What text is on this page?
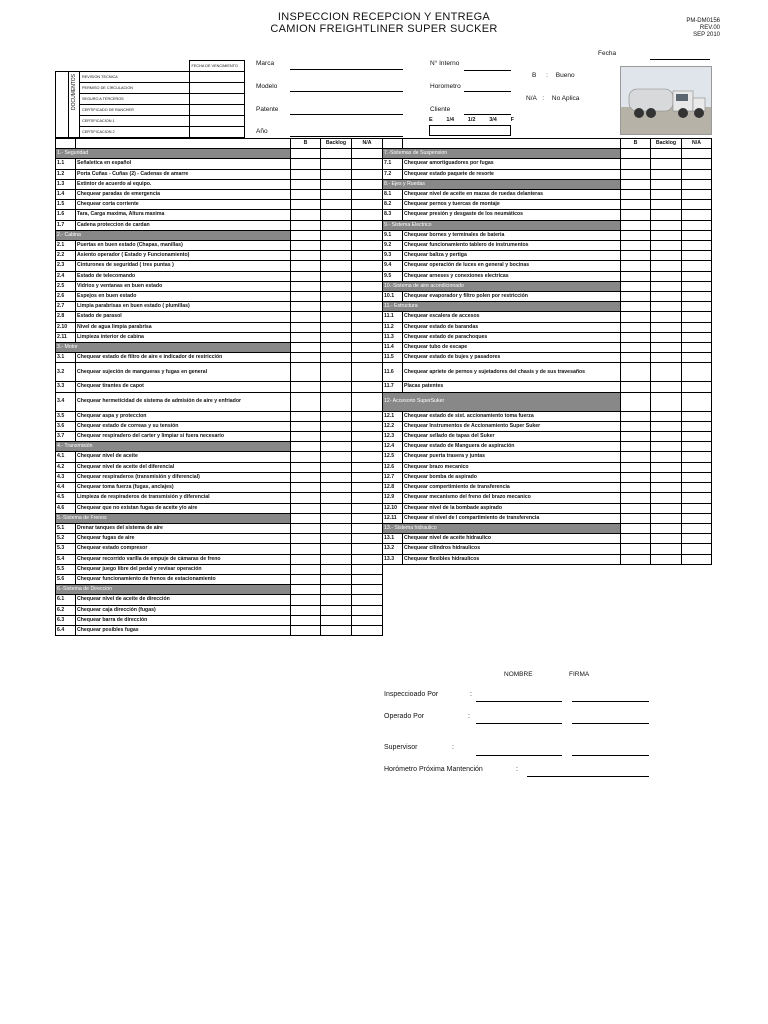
INSPECCION RECEPCION Y ENTREGA
CAMION FREIGHTLINER SUPER SUCKER
PM-DM0156
REV.00
SEP 2010
Fecha
			FECHA DE VENCIMIENTO

	DOCUMENTOS	REVISION TECNICA	
		PERMISO DE CIRCULACION	
		SEGURO A TERCEROS	
		CERTIFICADO DE RANCHER	
		CERTIFICACION 1	
		CERTIFICACION 2	
Marca
Modelo
Patente
Año
N° Interno
Horometro
Cliente
E 1/4 1/2 3/4 F
B : Bueno
N/A : No Aplica
		B	Backlog	N/A
1.- Seguridad				
1.1	Señaletica en español			
1.2	Porta Cuñas - Cuñas (2) - Cadenas de amarre			
1.3	Extintor de acuerdo al equipo.			
1.4	Chequear paradas de emergencia			
1.5	Chequear corta corriente			
1.6	Tara, Carga maxima, Altura maxima			
1.7	Cadena proteccion de cardan			
2.- Cabina				
2.1	Puertas en buen estado (Chapas, manillas)			
2.2	Asiento operador ( Estado y Funcionamiento)			
2.3	Cinturones de seguridad ( tres puntas )			
2.4	Estado de telecomando			
2.5	Vidrios y ventanas en buen estado			
2.6	Espejos en buen estado			
2.7	Limpia parabrisas en buen estado ( plumillas)			
2.8	Estado de parasol			
2.10	Nivel de agua limpia parabrisa			
2.11	Limpieza interior de cabina			
3.- Motor				
3.1	Chequear estado de filtro de aire e indicador de restricción			
3.2	Chequear sujeción de mangueras y fugas en general			
3.3	Chequear tirantes de capot			
3.4	Chequear hermeticidad de sistema de admisión de aire y enfriador			
3.5	Chequear aspa y proteccion			
3.6	Chequear estado de correas y su tensión			
3.7	Chequear respiradero del carter y limpiar si fuera necesario			
4.- Transmisión				
4.1	Chequear nivel de aceite			
4.2	Chequear nivel de aceite del diferencial			
4.3	Chequear respiraderos (transmisión y diferencial)			
4.4	Chequear toma fuerza (fugas, anclajes)			
4.5	Limpieza de respiraderos de transmisión y diferencial			
4.6	Chequear que no existan fugas de aceite y/o aire			
5.-Sistema de Frenos				
5.1	Drenar tanques del sistema de aire			
5.2	Chequear fugas de aire			
5.3	Chequear estado compresor			
5.4	Chequear recorrido varilla de empuje de cámaras de freno			
5.5	Chequear juego libre del pedal y revisar operación			
5.6	Chequear funcionamiento de frenos de estacionamiento			
6.-Sistema de Direccion				
6.1	Chequear nivel de aceite de dirección			
6.2	Chequear caja dirección (fugas)			
6.3	Chequear barra de dirección			
6.4	Chequear posibles fugas			
		B	Backlog	N/A
7.-Sistemas de Suspension				
7.1	Chequear amortiguadores por fugas			
7.2	Chequear estado paquete de resorte			
8.- Ejes y Ruedas				
8.1	Chequear nivel de aceite en mazas de ruedas delanteras			
8.2	Chequear pernos y tuercas de montaje			
8.3	Chequear presión y desgaste de los neumáticos			
9.- Sistema Electrico				
9.1	Chequear bornes y terminales de bateria			
9.2	Chequear funcionamiento tablero de instrumentos			
9.3	Chequear baliza y pertiga			
9.4	Chequear operación de luces en general y bocinas			
9.5	Chequear arneses y conexiones electricas			
10.-Sistema de aire acondicionado				
10.1	Chequear evaporador y filtro polen por restricción			
11.- Estructura				
11.1	Chequear escalera de accesos			
11.2	Chequear estado de barandas			
11.3	Chequear estado de parachoques			
11.4	Chequear tubo de escape			
11.5	Chequear estado de bujes y pasadores			
11.6	Chequear apriete de pernos y sujetadores del chasis y de sus travesaños			
11.7	Placas patentes			
12- Accesorio SuperSuker				
12.1	Chequear estado de sist. accionamiento toma fuerza			
12.2	Chequear Instrumentos de Accionamiento Super Suker			
12.3	Chequear sellado de tapas del Suker			
12.4	Chequear estado de Manguera de aspiración			
12.5	Chequear puerta trasera y juntas			
12.6	Chequear brazo mecanico			
12.7	Chequear bomba de aspirado			
12.8	Chequear compertimiento de transferencia			
12.9	Chequear mecanismo del freno del brazo mecanico			
12.10	Chequear nivel de la bombade aspirado			
12.11	Chequear el nivel de l compartimiento de transferencia			
13.- Sistema hidraulico				
13.1	Chequear nivel de aceite hidraulico			
13.2	Chequear cilindros hidraulicos			
13.3	Chequear flexibles hidraulicos			
NOMBRE	FIRMA
Inspeccioado Por	:
Operado Por	:
Supervisor	:
Horómetro Próxima Mantención	:
